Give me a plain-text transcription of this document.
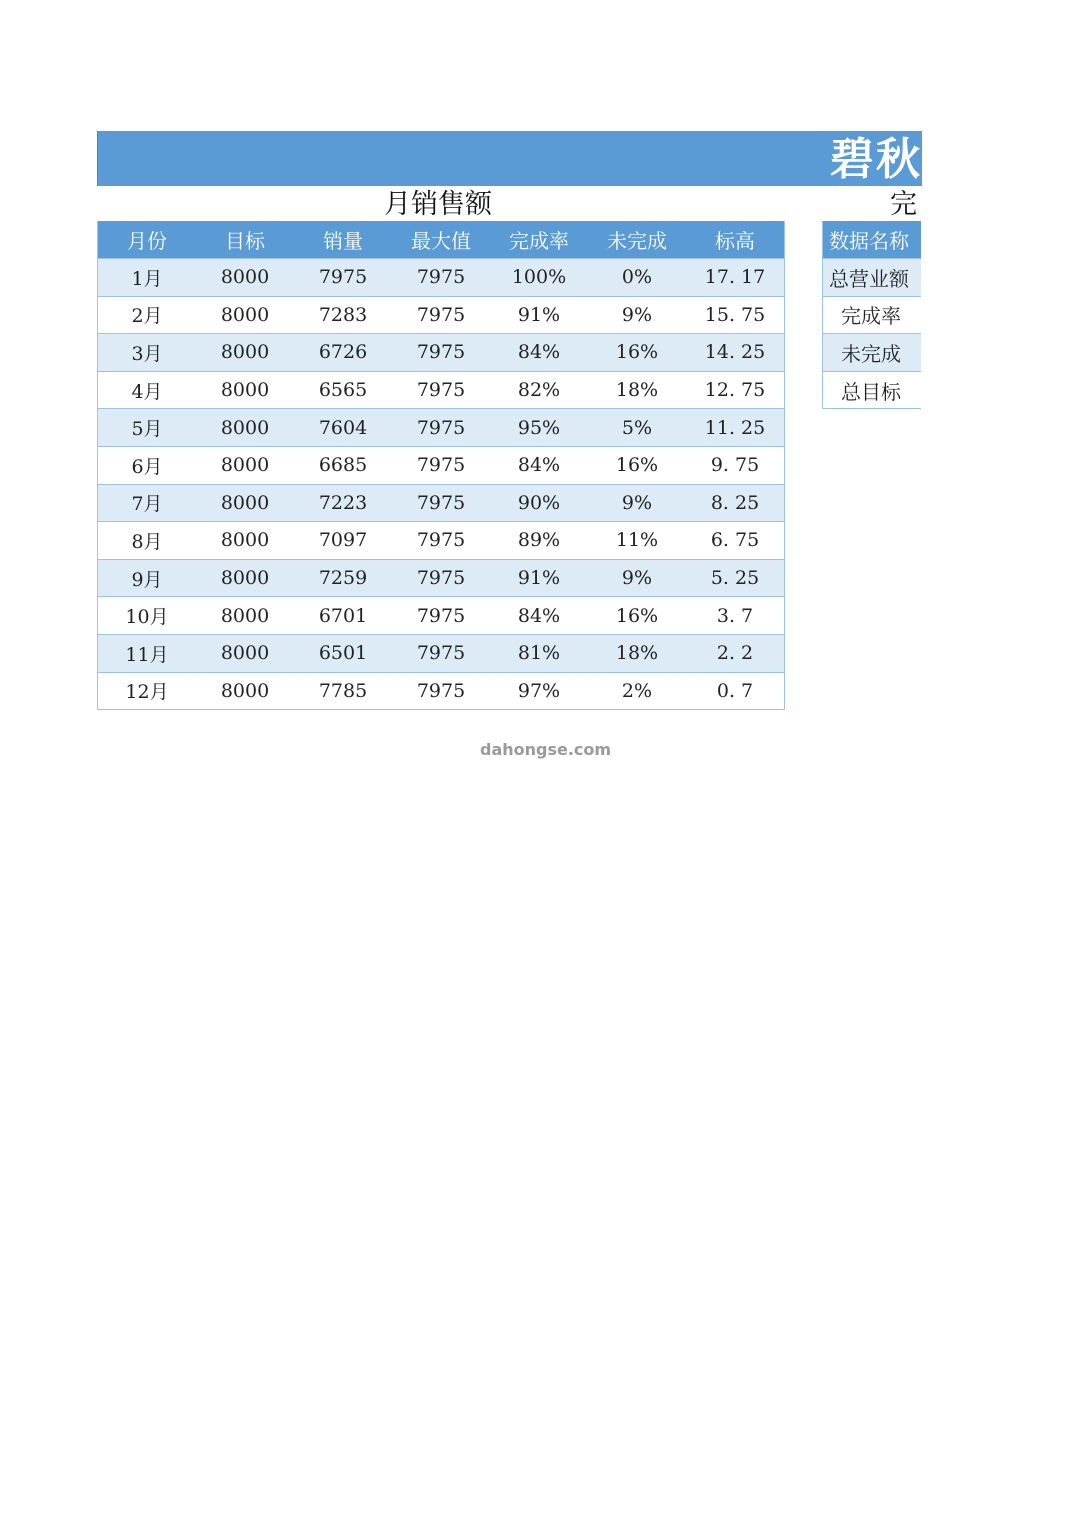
碧秋
月销售额	完
月份	目标	销量	最大值	完成率	未完成	标高
1月	8000	7975	7975	100%	0%	17. 17
2月	8000	7283	7975	91%	9%	15. 75
3月	8000	6726	7975	84%	16%	14. 25
4月	8000	6565	7975	82%	18%	12. 75
5月	8000	7604	7975	95%	5%	11. 25
6月	8000	6685	7975	84%	16%	9. 75
7月	8000	7223	7975	90%	9%	8. 25
8月	8000	7097	7975	89%	11%	6. 75
9月	8000	7259	7975	91%	9%	5. 25
10月	8000	6701	7975	84%	16%	3. 7
11月	8000	6501	7975	81%	18%	2. 2
12月	8000	7785	7975	97%	2%	0. 7
数据名称
总营业额
完成率
未完成
总目标
dahongse.com
